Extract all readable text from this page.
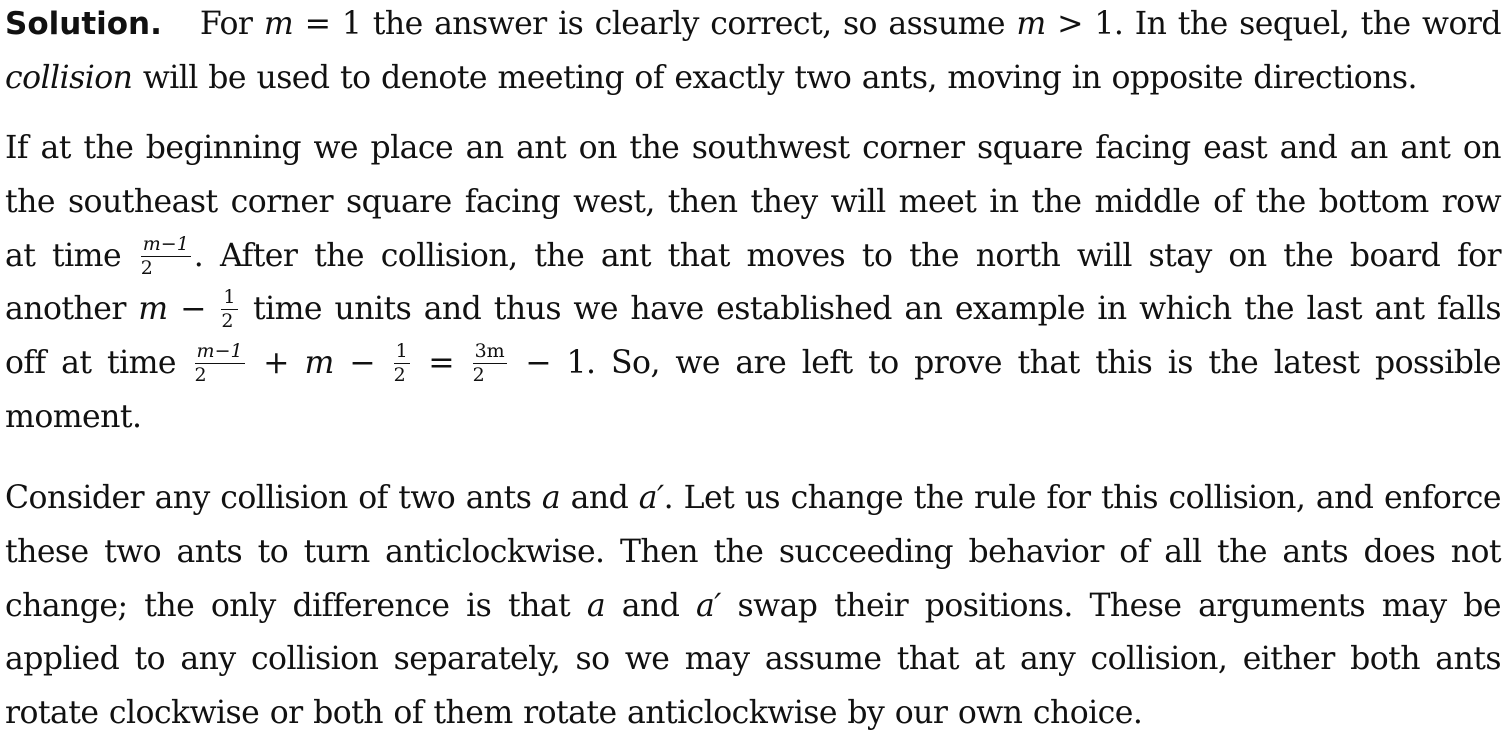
Solution. For m = 1 the answer is clearly correct, so assume m > 1. In the sequel, the word collision will be used to denote meeting of exactly two ants, moving in opposite directions.

If at the beginning we place an ant on the southwest corner square facing east and an ant on the southeast corner square facing west, then they will meet in the middle of the bottom row at time $\frac{m-1}{2}$ . After the collision, the ant that moves to the north will stay on the board for another $m - \frac{1}{2}$ time units and thus we have established an example in which the last ant falls off at time $\frac{m-1}{2} + m - \frac{1}{2} = \frac{3m}{2} - 1$. So, we are left to prove that this is the latest possible moment.

Consider any collision of two ants a and a′. Let us change the rule for this collision, and enforce these two ants to turn anticlockwise. Then the succeeding behavior of all the ants does not change; the only difference is that a and a′ swap their positions. These arguments may be applied to any collision separately, so we may assume that at any collision, either both ants rotate clockwise or both of them rotate anticlockwise by our own choice.
